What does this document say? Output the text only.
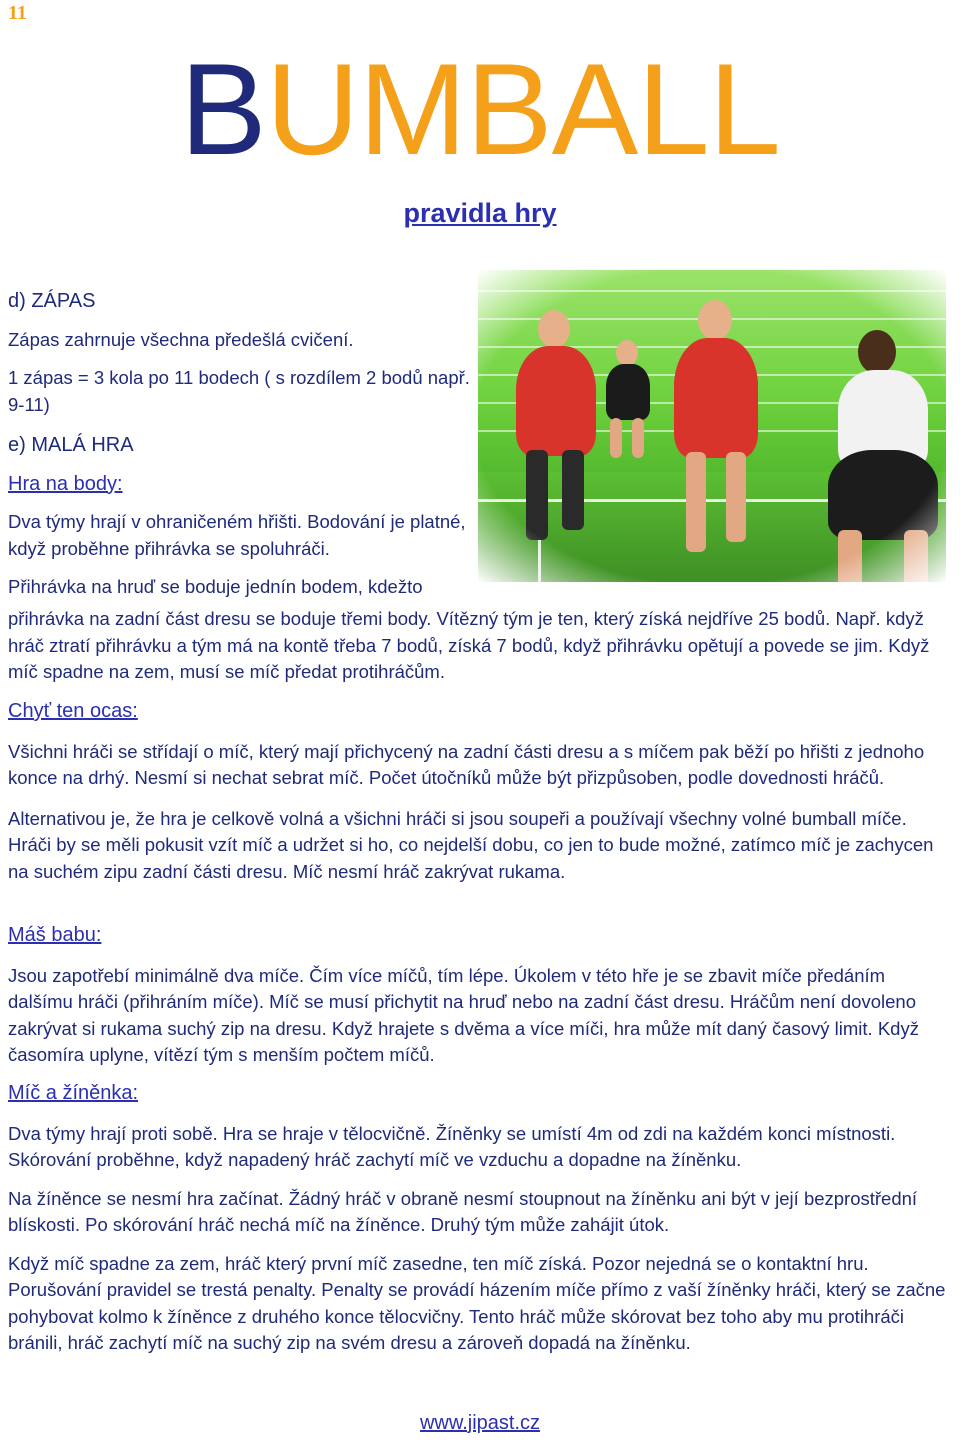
11
BUMBALL
pravidla hry

d) ZÁPAS

Zápas zahrnuje všechna předešlá cvičení.

1 zápas = 3 kola po 11 bodech ( s rozdílem 2 bodů např. 9-11)

e) MALÁ HRA

Hra na body:

Dva týmy hrají v ohraničeném hřišti. Bodování je platné, když proběhne přihrávka se spoluhráči.

Přihrávka na hruď se boduje jednín bodem, kdežto

přihrávka na zadní část dresu se boduje třemi body. Vítězný tým je ten, který získá nejdříve 25 bodů. Např. když hráč ztratí přihrávku a tým má na kontě třeba 7 bodů, získá 7 bodů, když přihrávku opětují a povede se jim. Když míč spadne na zem, musí se míč předat protihráčům.

Chyť ten ocas:

Všichni hráči se střídají o míč, který mají přichycený na zadní části dresu a s míčem pak běží po hřišti z jednoho konce na drhý. Nesmí si nechat sebrat míč. Počet útočníků může být přizpůsoben, podle dovednosti hráčů.

Alternativou je, že hra je celkově volná a všichni hráči si jsou soupeři a používají všechny volné bumball míče. Hráči by se měli pokusit vzít míč a udržet si ho, co nejdelší dobu, co jen to bude možné, zatímco míč je zachycen na suchém zipu zadní části dresu. Míč nesmí hráč zakrývat rukama.

Máš babu:

Jsou zapotřebí minimálně dva míče. Čím více míčů, tím lépe. Úkolem v této hře je se zbavit míče předáním dalšímu hráči (přihráním míče). Míč se musí přichytit na hruď nebo na zadní část dresu. Hráčům není dovoleno zakrývat si rukama suchý zip na dresu. Když hrajete s dvěma a více míči, hra může mít daný časový limit. Když časomíra uplyne, vítězí tým s menším počtem míčů.

Míč a žíněnka:

Dva týmy hrají proti sobě. Hra se hraje v tělocvičně. Žíněnky se umístí 4m od zdi na každém konci místnosti. Skórování proběhne, když napadený hráč zachytí míč ve vzduchu a dopadne na žíněnku.

Na žíněnce se nesmí hra začínat. Žádný hráč v obraně nesmí stoupnout na žíněnku ani být v její bezprostřední blískosti. Po skórování hráč nechá míč na žíněnce. Druhý tým může zahájit útok.

Když míč spadne za zem, hráč který první míč zasedne, ten míč získá. Pozor nejedná se o kontaktní hru. Porušování pravidel se trestá penalty. Penalty se provádí házením míče přímo z vaší žíněnky hráči, který se začne pohybovat kolmo k žíněnce z druhého konce tělocvičny. Tento hráč může skórovat bez toho aby mu protihráči bránili, hráč zachytí míč na suchý zip na svém dresu a zároveň dopadá na žíněnku.

www.jipast.cz
